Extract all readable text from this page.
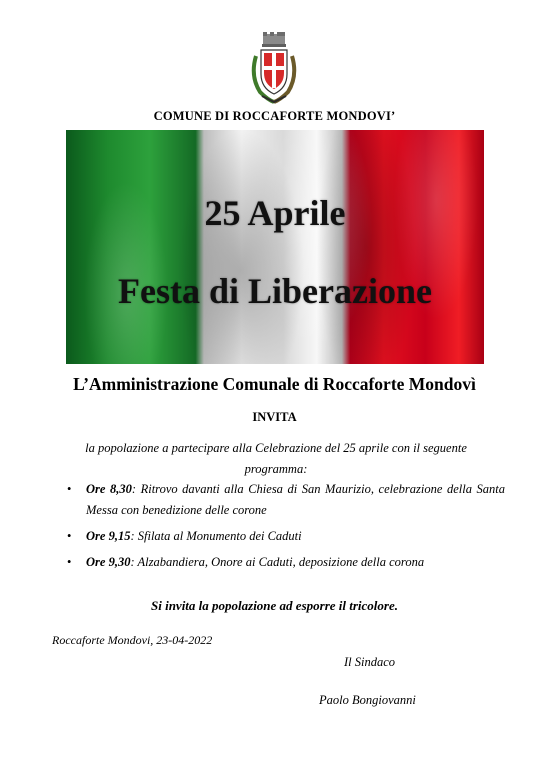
COMUNE DI ROCCAFORTE MONDOVI’
25 Aprile
Festa di Liberazione
L’Amministrazione Comunale di Roccaforte Mondovì
INVITA
la popolazione a partecipare alla Celebrazione del 25 aprile con il seguente programma:
• Ore 8,30: Ritrovo davanti alla Chiesa di San Maurizio, celebrazione della Santa Messa con benedizione delle corone
• Ore 9,15: Sfilata al Monumento dei Caduti
• Ore 9,30: Alzabandiera, Onore ai Caduti, deposizione della corona
Si invita la popolazione ad esporre il tricolore.
Roccaforte Mondovi, 23-04-2022
Il Sindaco
Paolo Bongiovanni
